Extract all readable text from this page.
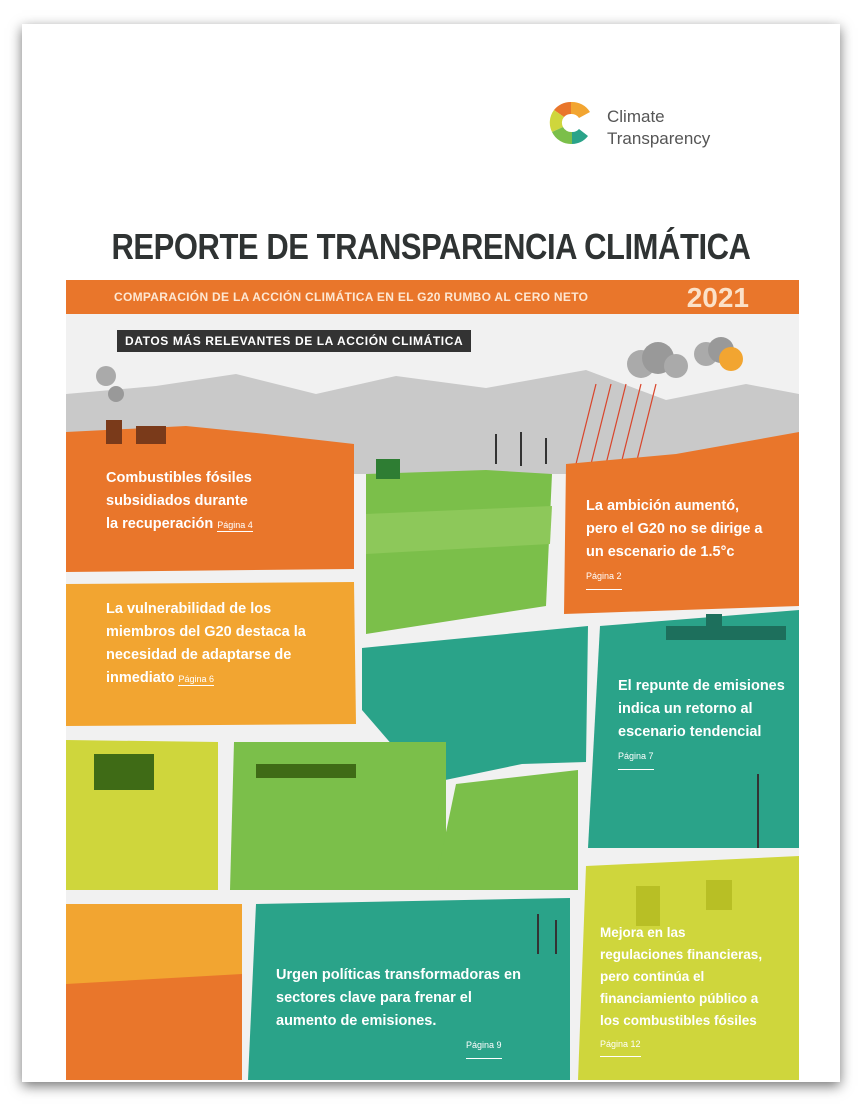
Climate
Transparency
REPORTE DE TRANSPARENCIA CLIMÁTICA
COMPARACIÓN DE LA ACCIÓN CLIMÁTICA EN EL G20 RUMBO AL CERO NETO	2021
DATOS MÁS RELEVANTES DE LA ACCIÓN CLIMÁTICA
Combustibles fósiles
subsidiados durante
la recuperación Página 4
La ambición aumentó,
pero el G20 no se dirige a
un escenario de 1.5°c
Página 2
La vulnerabilidad de los
miembros del G20 destaca la
necesidad de adaptarse de
inmediato Página 6	El repunte de emisiones
indica un retorno al
escenario tendencial
Página 7
Urgen políticas transformadoras en
sectores clave para frenar el
aumento de emisiones.
Página 9
Mejora en las
regulaciones financieras,
pero continúa el
financiamiento público a
los combustibles fósiles
Página 12
